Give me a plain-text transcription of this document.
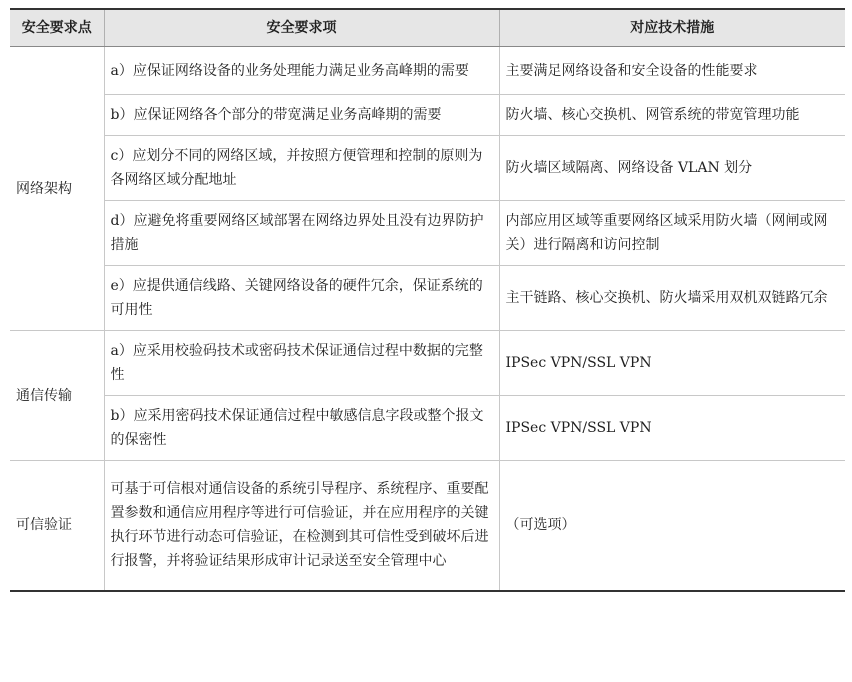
安全要求点	安全要求项	对应技术措施
网络架构	a）应保证网络设备的业务处理能力满足业务高峰期的需要	主要满足网络设备和安全设备的性能要求
	b）应保证网络各个部分的带宽满足业务高峰期的需要	防火墙、核心交换机、网管系统的带宽管理功能
	c）应划分不同的网络区域，并按照方便管理和控制的原则为各网络区域分配地址	防火墙区域隔离、网络设备 VLAN 划分
	d）应避免将重要网络区域部署在网络边界处且没有边界防护措施	内部应用区域等重要网络区域采用防火墙（网闸或网关）进行隔离和访问控制
	e）应提供通信线路、关键网络设备的硬件冗余，保证系统的可用性	主干链路、核心交换机、防火墙采用双机双链路冗余
通信传输	a）应采用校验码技术或密码技术保证通信过程中数据的完整性	IPSec VPN/SSL VPN
	b）应采用密码技术保证通信过程中敏感信息字段或整个报文的保密性	IPSec VPN/SSL VPN
可信验证	可基于可信根对通信设备的系统引导程序、系统程序、重要配置参数和通信应用程序等进行可信验证，并在应用程序的关键执行环节进行动态可信验证，在检测到其可信性受到破坏后进行报警，并将验证结果形成审计记录送至安全管理中心	（可选项）
